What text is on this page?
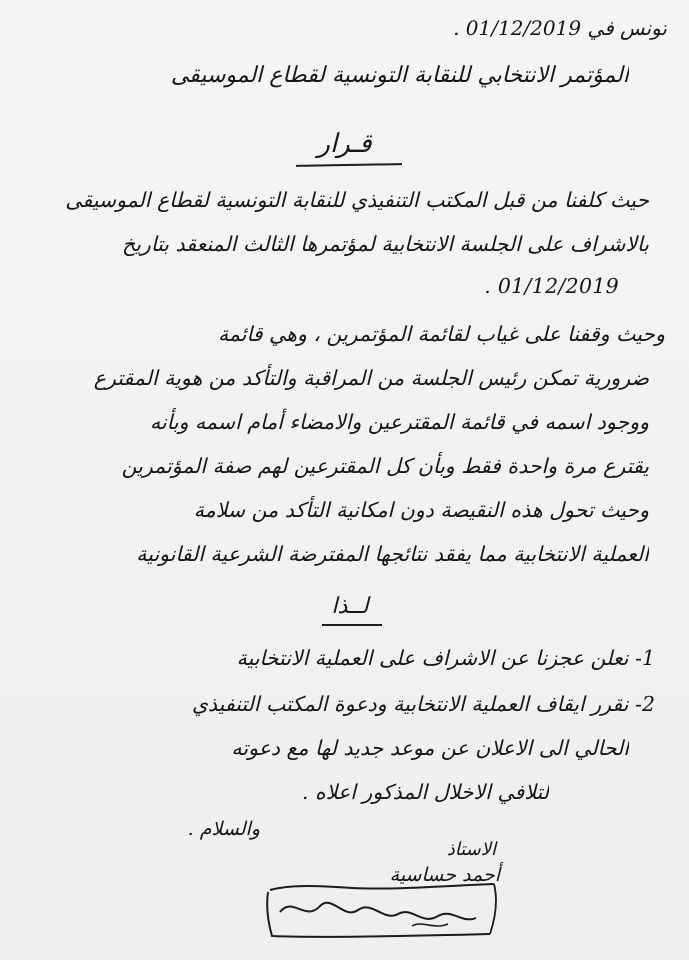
تونس في 01/12/2019 .
المؤتمر الانتخابي للنقابة التونسية لقطاع الموسيقى
قـرار
حيث كلفنا من قبل المكتب التنفيذي للنقابة التونسية لقطاع الموسيقى
بالاشراف على الجلسة الانتخابية لمؤتمرها الثالث المنعقد بتاريخ
01/12/2019 .
وحيث وقفنا على غياب لقائمة المؤتمرين ، وهي قائمة
ضرورية تمكن رئيس الجلسة من المراقبة والتأكد من هوية المقترع
ووجود اسمه في قائمة المقترعين والامضاء أمام اسمه وبأنه
يقترع مرة واحدة فقط وبأن كل المقترعين لهم صفة المؤتمرين
وحيث تحول هذه النقيصة دون امكانية التأكد من سلامة
العملية الانتخابية مما يفقد نتائجها المفترضة الشرعية القانونية
لــذا
1- نعلن عجزنا عن الاشراف على العملية الانتخابية
2- نقرر ايقاف العملية الانتخابية ودعوة المكتب التنفيذي
الحالي الى الاعلان عن موعد جديد لها مع دعوته
لتلافي الاخلال المذكور اعلاه .
والسلام .
الاستاذ
أحمد حساسية
